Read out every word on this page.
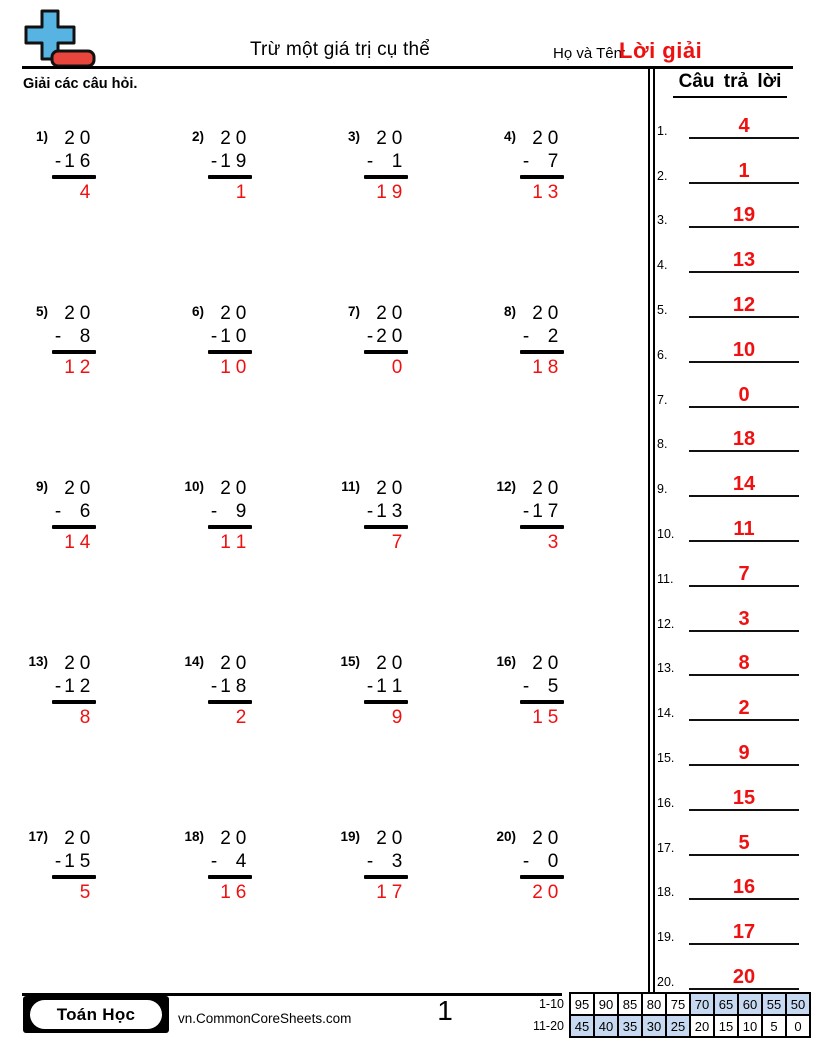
Trừ một giá trị cụ thể	Họ và Tên:
Lời giải
Giải các câu hỏi.
1) 2 0
- 1 6
4
2) 2 0
- 1 9
1
3) 2 0
- 1
1 9
4) 2 0
- 7
1 3
5) 2 0
- 8
1 2
6) 2 0
- 1 0
1 0
7) 2 0
- 2 0
0
8) 2 0
- 2
1 8
9) 2 0
- 6
1 4
10) 2 0
- 9
1 1
11) 2 0
- 1 3
7
12) 2 0
- 1 7
3
13) 2 0
- 1 2
8
14) 2 0
- 1 8
2
15) 2 0
- 1 1
9
16) 2 0
- 5
1 5
17) 2 0
- 1 5
5
18) 2 0
- 4
1 6
19) 2 0
- 3
1 7
20) 2 0
- 0
2 0
Câu trả lời
1.	4
2.	1
3.	19
4.	13
5.	12
6.	10
7.	0
8.	18
9.	14
10.	11
11.	7
12.	3
13.	8
14.	2
15.	9
16.	15
17.	5
18.	16
19.	17
20.	20
Toán Học	vn.CommonCoreSheets.com	1	1-10	95	90	85	80	75	70	65	60	55	50
11-20	45	40	35	30	25	20	15	10	5	0
